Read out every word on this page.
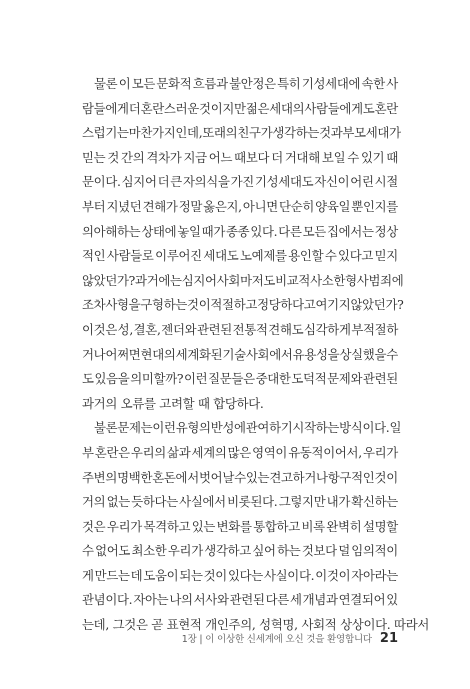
물론 이 모든 문화적 흐름과 불안정은 특히 기성세대에 속한 사
람들에게 더 혼란스러운 것이지만 젊은 세대의 사람들에게도 혼란
스럽기는 마찬가지인데, 또래의 친구가 생각하는 것과 부모 세대가
믿는 것 간의 격차가 지금 어느 때보다 더 거대해 보일 수 있기 때
문이다. 심지어 더 큰 자의식을 가진 기성세대도 자신이 어린 시절
부터 지녔던 견해가 정말 옳은지, 아니면 단순히 양육일 뿐인지를
의아해하는 상태에 놓일 때가 종종 있다. 다른 모든 집에서는 정상
적인 사람들로 이루어진 세대도 노예제를 용인할 수 있다고 믿지
않았던가? 과거에는 심지어 사회마저도 비교적 사소한 형사 범죄에
조차 사형을 구형하는 것이 적절하고 정당하다고 여기지 않았던가?
이것은 성, 결혼, 젠더와 관련된 전통적 견해도 심각하게 부적절하
거나 어쩌면 현대의 세계화된 기술 사회에서 유용성을 상실했을 수
도 있음을 의미할까? 이런 질문들은 중대한 도덕적 문제와 관련된
과거의 오류를 고려할 때 합당하다.
불론 문제는 이런 유형의 반성에 관여하기 시작하는 방식이다. 일
부 혼란은 우리의 삶과 세계의 많은 영역이 유동적이어서, 우리가
주변의 명백한 혼돈에서 벗어날 수 있는 견고하거나 항구적인 것이
거의 없는 듯하다는 사실에서 비롯된다. 그렇지만 내가 확신하는
것은 우리가 목격하고 있는 변화를 통합하고 비록 완벽히 설명할
수 없어도 최소한 우리가 생각하고 싶어 하는 것보다 덜 임의적이
게 만드는 데 도움이 되는 것이 있다는 사실이다. 이것이 자아라는
관념이다. 자아는 나의 서사와 관련된 다른 세 개념과 연결되어 있
는데, 그것은 곧 표현적 개인주의, 성혁명, 사회적 상상이다. 따라서
1장 | 이 이상한 신세계에 오신 것을 환영합니다 21
